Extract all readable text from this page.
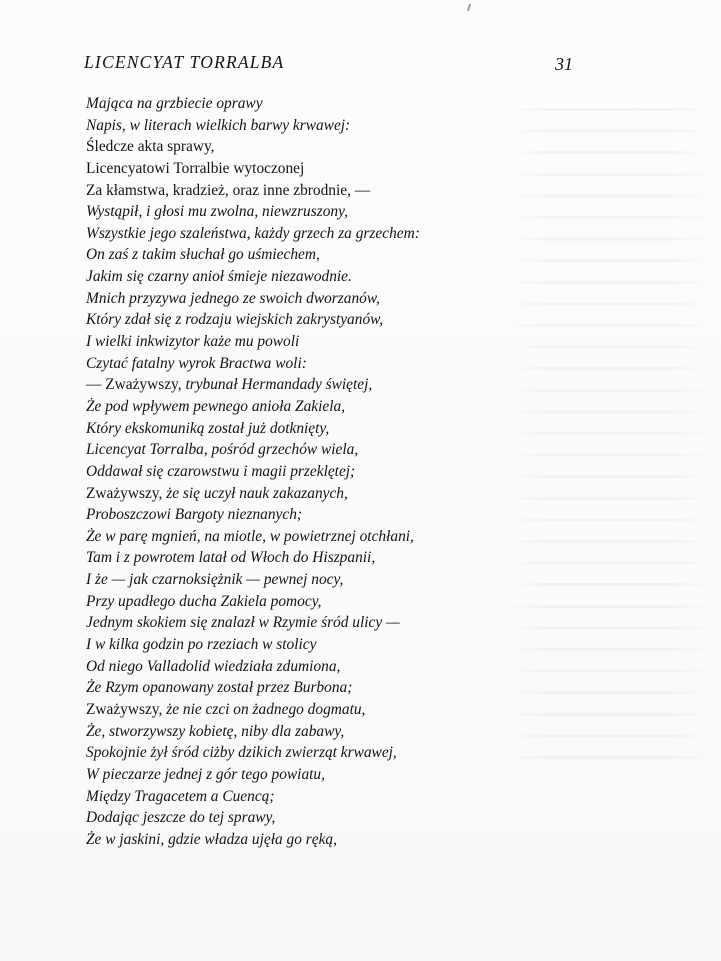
LICENCYAT TORRALBA	31
Mająca na grzbiecie oprawy
Napis, w literach wielkich barwy krwawej:
Śledcze akta sprawy,
Licencyatowi Torralbie wytoczonej
Za kłamstwa, kradzież, oraz inne zbrodnie, —
Wystąpił, i głosi mu zwolna, niewzruszony,
Wszystkie jego szaleństwa, każdy grzech za grzechem:
On zaś z takim słuchał go uśmiechem,
Jakim się czarny anioł śmieje niezawodnie.
Mnich przyzywa jednego ze swoich dworzanów,
Który zdał się z rodzaju wiejskich zakrystyanów,
I wielki inkwizytor każe mu powoli
Czytać fatalny wyrok Bractwa woli:
— Zważywszy, trybunał Hermandady świętej,
Że pod wpływem pewnego anioła Zakiela,
Który ekskomuniką został już dotknięty,
Licencyat Torralba, pośród grzechów wiela,
Oddawał się czarowstwu i magii przeklętej;
Zważywszy, że się uczył nauk zakazanych,
Proboszczowi Bargoty nieznanych;
Że w parę mgnień, na miotle, w powietrznej otchłani,
Tam i z powrotem latał od Włoch do Hiszpanii,
I że — jak czarnoksiężnik — pewnej nocy,
Przy upadłego ducha Zakiela pomocy,
Jednym skokiem się znalazł w Rzymie śród ulicy —
I w kilka godzin po rzeziach w stolicy
Od niego Valladolid wiedziała zdumiona,
Że Rzym opanowany został przez Burbona;
Zważywszy, że nie czci on żadnego dogmatu,
Że, stworzywszy kobietę, niby dla zabawy,
Spokojnie żył śród ciżby dzikich zwierząt krwawej,
W pieczarze jednej z gór tego powiatu,
Między Tragacetem a Cuencą;
Dodając jeszcze do tej sprawy,
Że w jaskini, gdzie władza ujęła go ręką,
